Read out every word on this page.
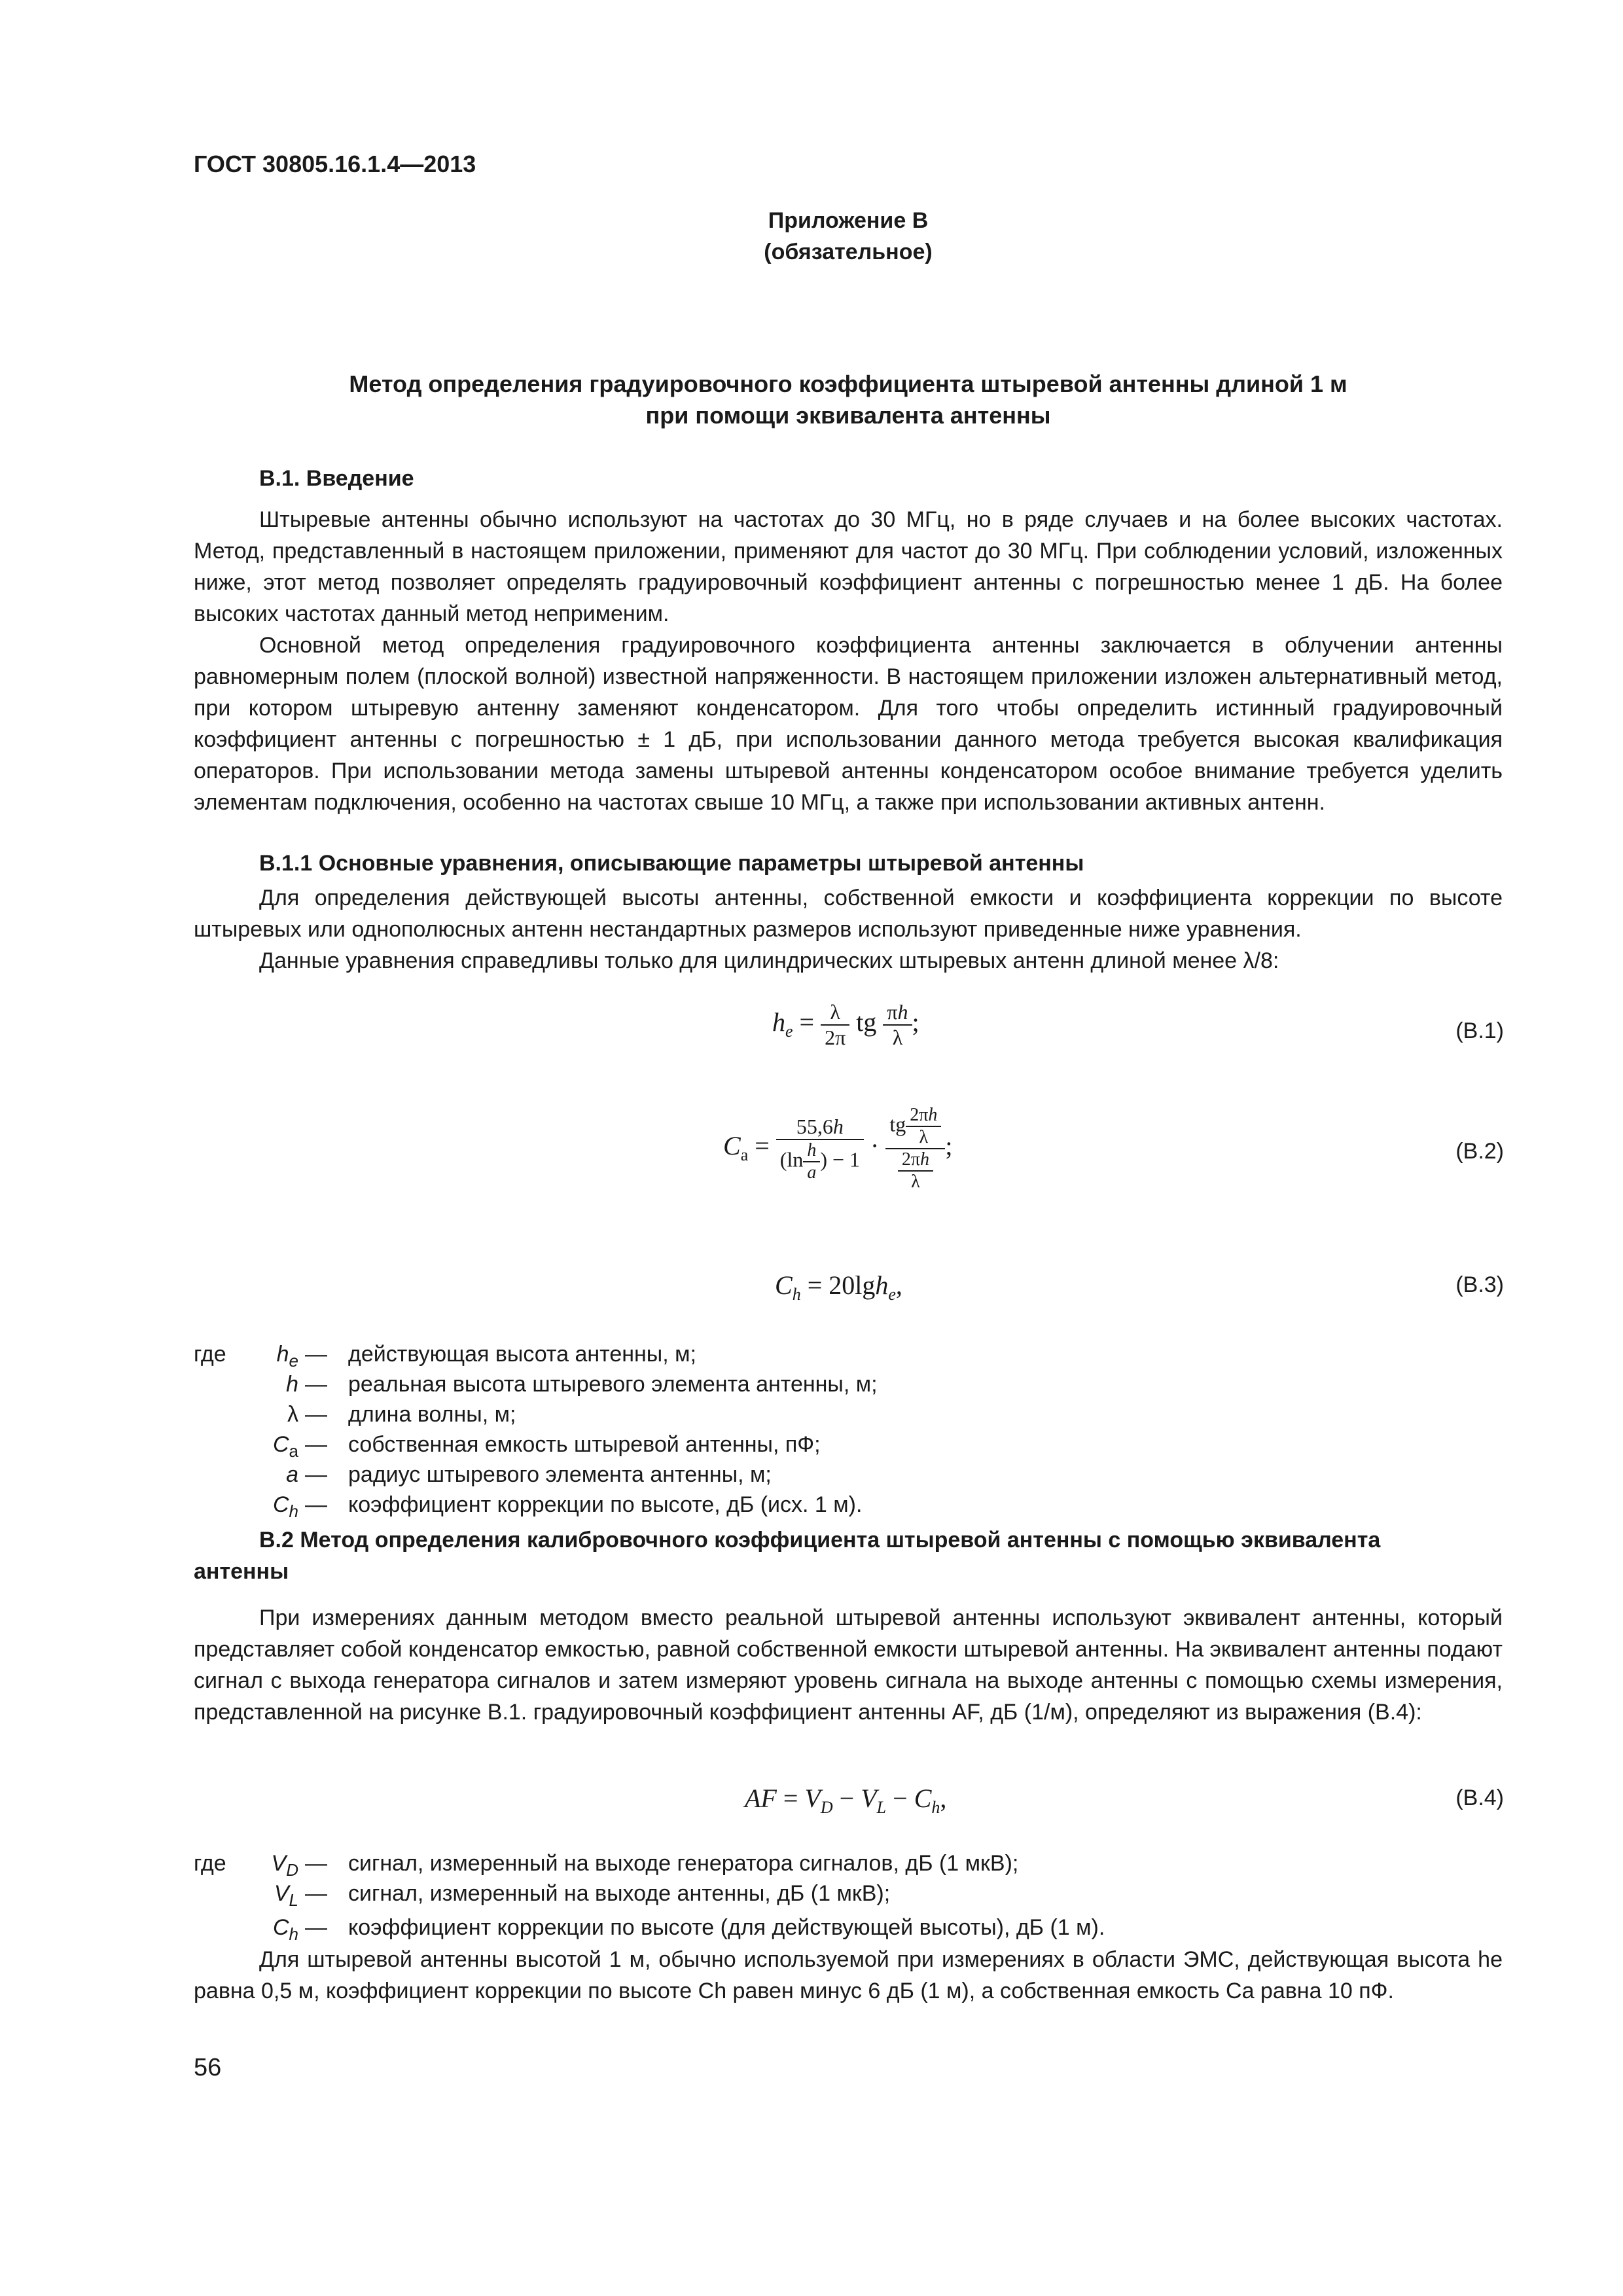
ГОСТ 30805.16.1.4—2013
Приложение В
(обязательное)
Метод определения градуировочного коэффициента штыревой антенны длиной 1 м
при помощи эквивалента антенны
В.1. Введение
Штыревые антенны обычно используют на частотах до 30 МГц, но в ряде случаев и на более высоких частотах. Метод, представленный в настоящем приложении, применяют для частот до 30 МГц. При соблюдении условий, изложенных ниже, этот метод позволяет определять градуировочный коэффициент антенны с погрешностью менее 1 дБ. На более высоких частотах данный метод неприменим.
Основной метод определения градуировочного коэффициента антенны заключается в облучении антенны равномерным полем (плоской волной) известной напряженности. В настоящем приложении изложен альтернативный метод, при котором штыревую антенну заменяют конденсатором. Для того чтобы определить истинный градуировочный коэффициент антенны с погрешностью ± 1 дБ, при использовании данного метода требуется высокая квалификация операторов. При использовании метода замены штыревой антенны конденсатором особое внимание требуется уделить элементам подключения, особенно на частотах свыше 10 МГц, а также при использовании активных антенн.
В.1.1 Основные уравнения, описывающие параметры штыревой антенны
Для определения действующей высоты антенны, собственной емкости и коэффициента коррекции по высоте штыревых или однополюсных антенн нестандартных размеров используют приведенные ниже уравнения.
Данные уравнения справедливы только для цилиндрических штыревых антенн длиной менее λ/8:
$h_e = \frac{\lambda}{2\pi}$ tg $\frac{\pi h}{\lambda}$ ;	(В.1)
$C_a = \frac{55,6h}{(\ln \frac{h}{a} ) - 1} \cdot \frac{tg \frac{2\pi h}{\lambda}}{\frac{2\pi h}{\lambda}}$ ;	(В.2)
$C_h = 20\lg h_e$,	(В.3)
где	$h_e$ — действующая высота антенны, м;
h — реальная высота штыревого элемента антенны, м;
λ — длина волны, м;
$C_a$ — собственная емкость штыревой антенны, пФ;
a — радиус штыревого элемента антенны, м;
$C_h$ — коэффициент коррекции по высоте, дБ (исх. 1 м).
В.2 Метод определения калибровочного коэффициента штыревой антенны с помощью эквивалента
антенны
При измерениях данным методом вместо реальной штыревой антенны используют эквивалент антенны, который представляет собой конденсатор емкостью, равной собственной емкости штыревой антенны. На эквивалент антенны подают сигнал с выхода генератора сигналов и затем измеряют уровень сигнала на выходе антенны с помощью схемы измерения, представленной на рисунке В.1. градуировочный коэффициент антенны AF, дБ (1/м), определяют из выражения (В.4):
AF = $V_D - V_L - C_h$,	(В.4)
где	$V_D$ — сигнал, измеренный на выходе генератора сигналов, дБ (1 мкВ);
$V_L$ — сигнал, измеренный на выходе антенны, дБ (1 мкВ);
$C_h$ — коэффициент коррекции по высоте (для действующей высоты), дБ (1 м).
Для штыревой антенны высотой 1 м, обычно используемой при измерениях в области ЭМС, действующая высота he равна 0,5 м, коэффициент коррекции по высоте Ch равен минус 6 дБ (1 м), а собственная емкость Ca равна 10 пФ.
56
